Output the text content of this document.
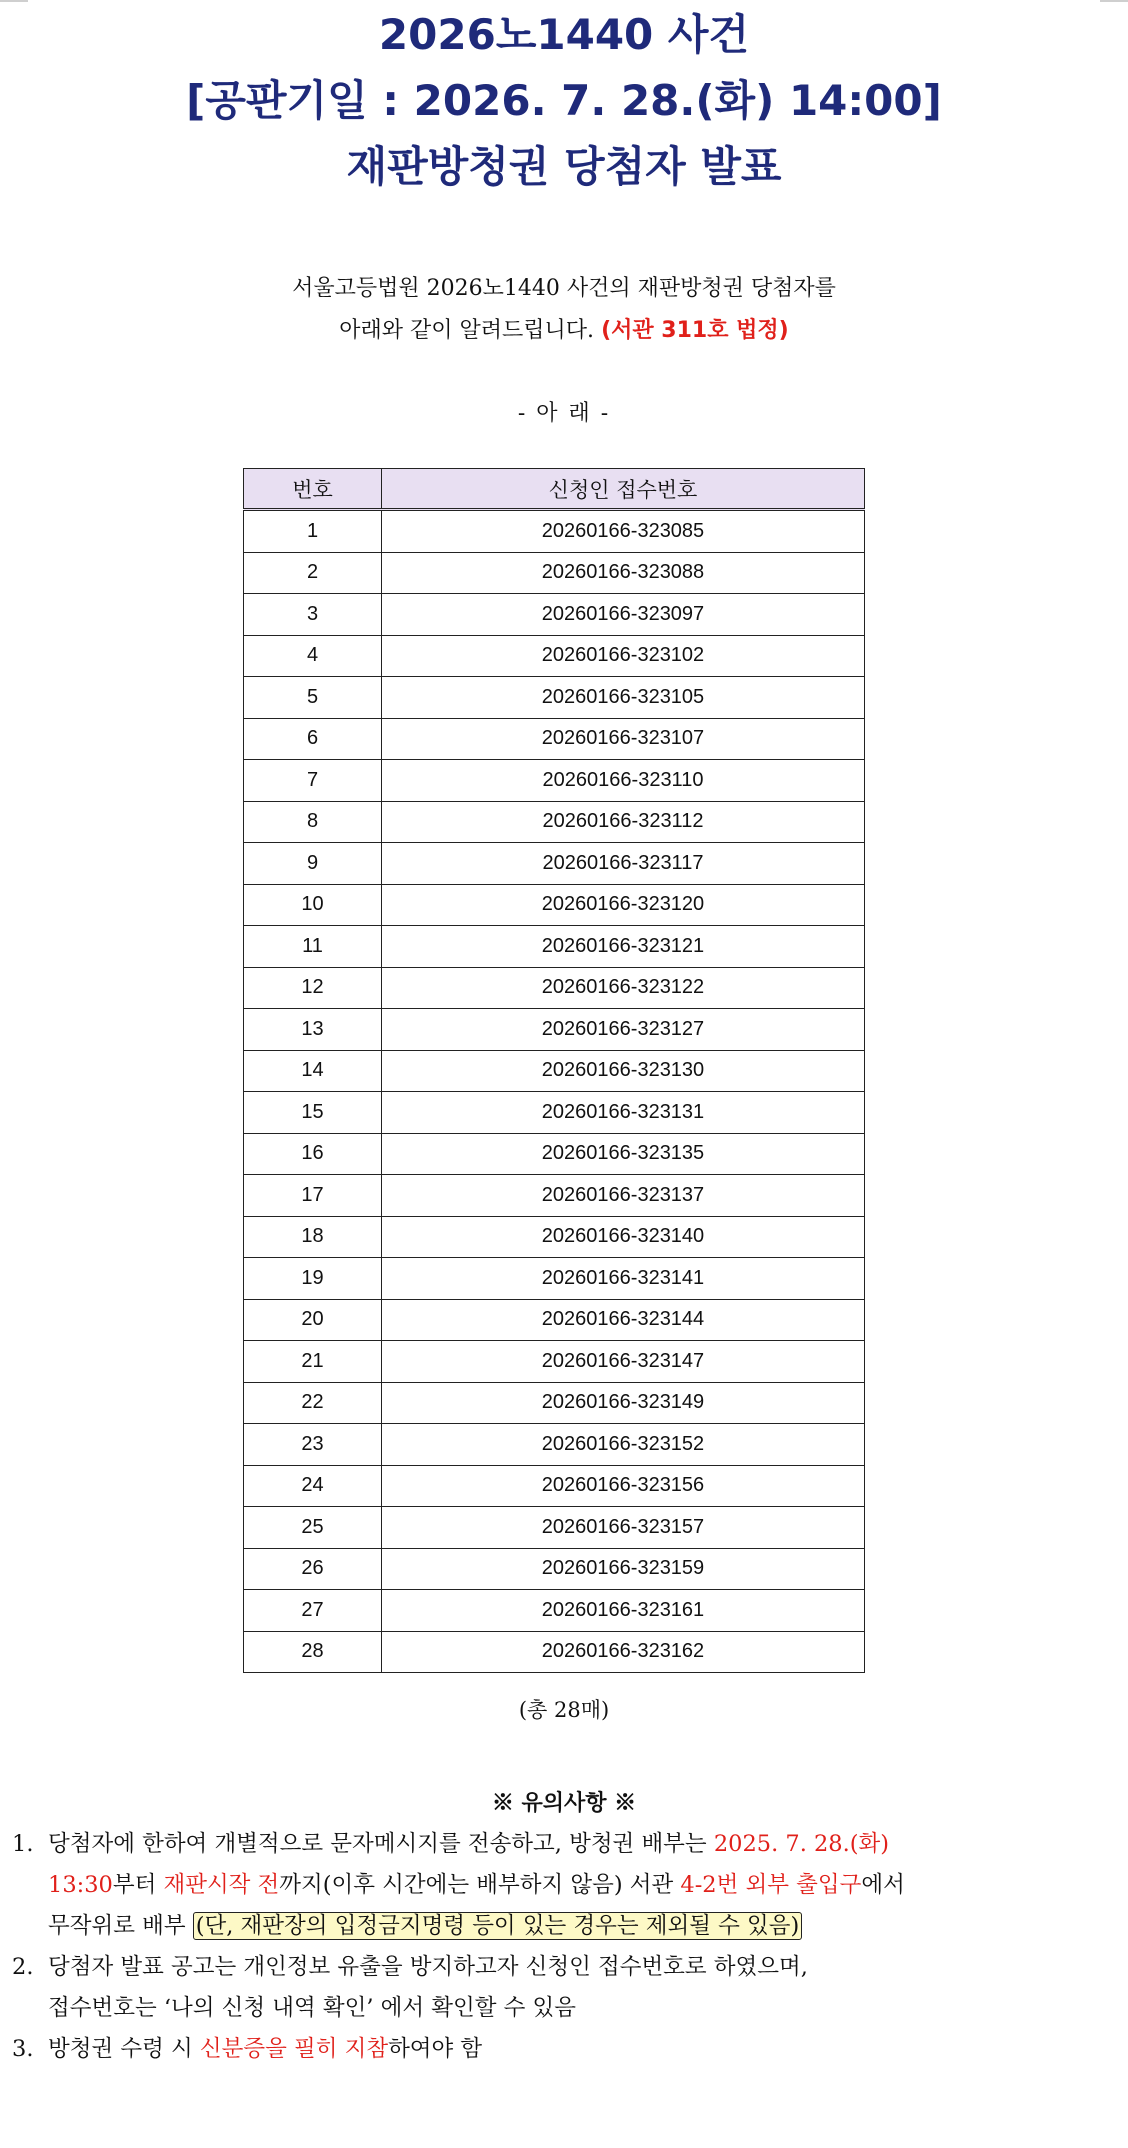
2026노1440 사건
[공판기일 : 2026. 7. 28.(화) 14:00]
재판방청권 당첨자 발표
서울고등법원 2026노1440 사건의 재판방청권 당첨자를
아래와 같이 알려드립니다. (서관 311호 법정)
- 아 래 -
번호	신청인 접수번호
1	20260166-323085
2	20260166-323088
3	20260166-323097
4	20260166-323102
5	20260166-323105
6	20260166-323107
7	20260166-323110
8	20260166-323112
9	20260166-323117
10	20260166-323120
11	20260166-323121
12	20260166-323122
13	20260166-323127
14	20260166-323130
15	20260166-323131
16	20260166-323135
17	20260166-323137
18	20260166-323140
19	20260166-323141
20	20260166-323144
21	20260166-323147
22	20260166-323149
23	20260166-323152
24	20260166-323156
25	20260166-323157
26	20260166-323159
27	20260166-323161
28	20260166-323162
(총 28매)
※ 유의사항 ※
1. 당첨자에 한하여 개별적으로 문자메시지를 전송하고, 방청권 배부는 2025. 7. 28.(화)
13:30부터 재판시작 전까지(이후 시간에는 배부하지 않음) 서관 4-2번 외부 출입구에서
무작위로 배부 (단, 재판장의 입정금지명령 등이 있는 경우는 제외될 수 있음)
2. 당첨자 발표 공고는 개인정보 유출을 방지하고자 신청인 접수번호로 하였으며,
접수번호는 ‘나의 신청 내역 확인’ 에서 확인할 수 있음
3. 방청권 수령 시 신분증을 필히 지참하여야 함
